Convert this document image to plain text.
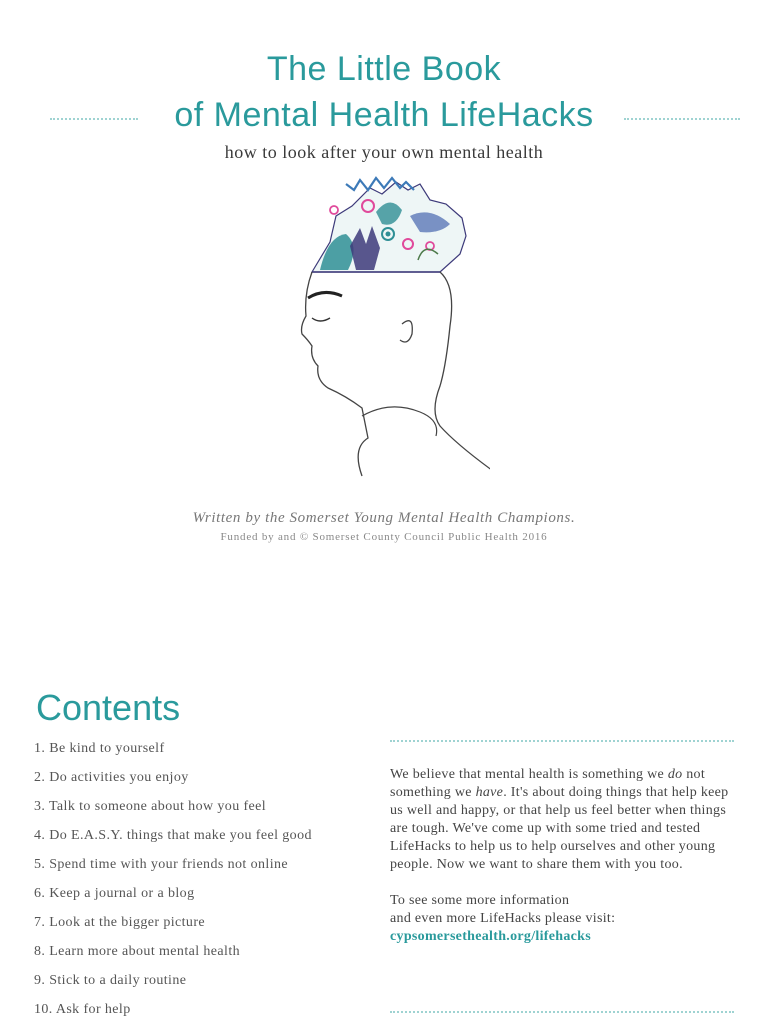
The Little Book
of Mental Health LifeHacks
how to look after your own mental health
Written by the Somerset Young Mental Health Champions.
Funded by and © Somerset County Council Public Health 2016
Contents
1. Be kind to yourself
2. Do activities you enjoy
3. Talk to someone about how you feel
4. Do E.A.S.Y. things that make you feel good
5. Spend time with your friends not online
6. Keep a journal or a blog
7. Look at the bigger picture
8. Learn more about mental health
9. Stick to a daily routine
10. Ask for help

We believe that mental health is something we do not something we have. It's about doing things that help keep us well and happy, or that help us feel better when things are tough. We've come up with some tried and tested LifeHacks to help us to help ourselves and other young people. Now we want to share them with you too.

To see some more information

and even more LifeHacks please visit:

cypsomersethealth.org/lifehacks
